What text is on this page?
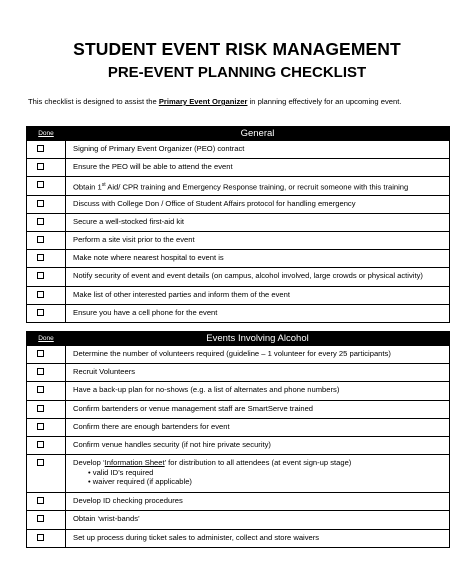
STUDENT EVENT RISK MANAGEMENT
PRE-EVENT PLANNING CHECKLIST
This checklist is designed to assist the Primary Event Organizer in planning effectively for an upcoming event.
Done	General

	Signing of Primary Event Organizer (PEO) contract

	Ensure the PEO will be able to attend the event

	Obtain 1st Aid/ CPR training and Emergency Response training, or recruit someone with this training

	Discuss with College Don / Office of Student Affairs protocol for handling emergency

	Secure a well-stocked first-aid kit

	Perform a site visit prior to the event

	Make note where nearest hospital to event is

	Notify security of event and event details (on campus, alcohol involved, large crowds or physical activity)

	Make list of other interested parties and inform them of the event

	Ensure you have a cell phone for the event
Done	Events Involving Alcohol

	Determine the number of volunteers required (guideline – 1 volunteer for every 25 participants)

	Recruit Volunteers

	Have a back-up plan for no-shows (e.g. a list of alternates and phone numbers)

	Confirm bartenders or venue management staff are SmartServe trained

	Confirm there are enough bartenders for event

	Confirm venue handles security (if not hire private security)

	Develop ‘Information Sheet’ for distribution to all attendees (at event sign-up stage)
• valid ID’s required
• waiver required (if applicable)

	Develop ID checking procedures

	Obtain ‘wrist-bands’

	Set up process during ticket sales to administer, collect and store waivers
